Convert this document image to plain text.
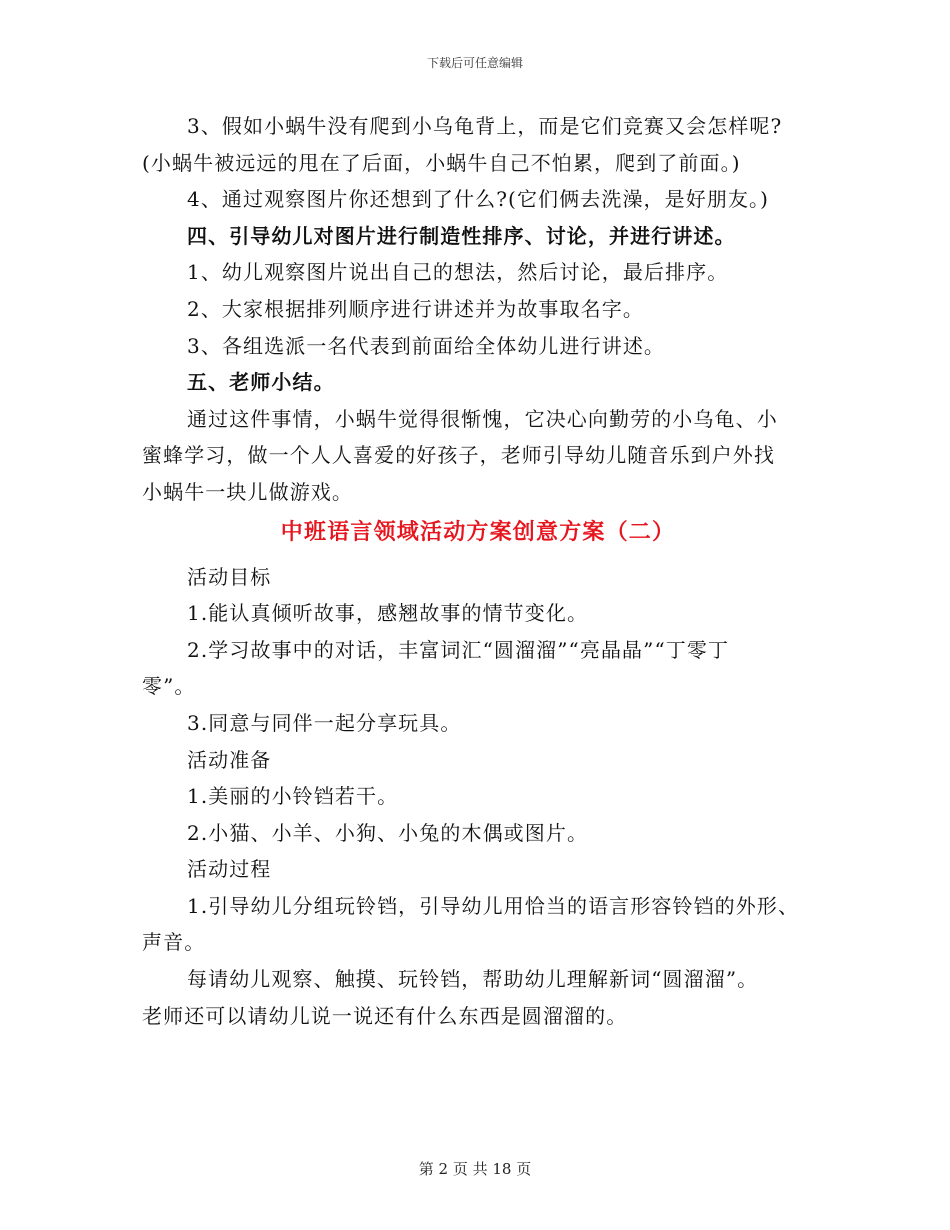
下载后可任意编辑
3、假如小蜗牛没有爬到小乌龟背上，而是它们竞赛又会怎样呢?
(小蜗牛被远远的甩在了后面，小蜗牛自己不怕累，爬到了前面。)
4、通过观察图片你还想到了什么?(它们俩去洗澡，是好朋友。)
四、引导幼儿对图片进行制造性排序、讨论，并进行讲述。
1、幼儿观察图片说出自己的想法，然后讨论，最后排序。
2、大家根据排列顺序进行讲述并为故事取名字。
3、各组选派一名代表到前面给全体幼儿进行讲述。
五、老师小结。
通过这件事情，小蜗牛觉得很惭愧，它决心向勤劳的小乌龟、小
蜜蜂学习，做一个人人喜爱的好孩子，老师引导幼儿随音乐到户外找
小蜗牛一块儿做游戏。
中班语言领域活动方案创意方案（二）
活动目标
1.能认真倾听故事，感翘故事的情节变化。
2.学习故事中的对话，丰富词汇“圆溜溜”“亮晶晶”“丁零丁
零”。
3.同意与同伴一起分享玩具。
活动准备
1.美丽的小铃铛若干。
2.小猫、小羊、小狗、小兔的木偶或图片。
活动过程
1.引导幼儿分组玩铃铛，引导幼儿用恰当的语言形容铃铛的外形、
声音。
每请幼儿观察、触摸、玩铃铛，帮助幼儿理解新词“圆溜溜”。
老师还可以请幼儿说一说还有什么东西是圆溜溜的。
第 2 页 共 18 页
